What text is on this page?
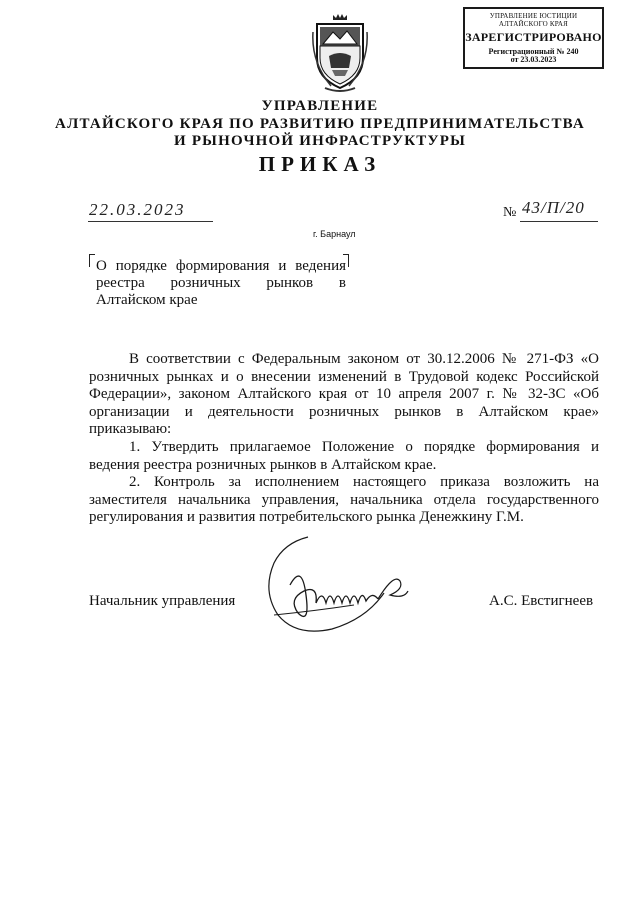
УПРАВЛЕНИЕ ЮСТИЦИИ
АЛТАЙСКОГО КРАЯ
ЗАРЕГИСТРИРОВАНО
Регистрационный № 240
от 23.03.2023
УПРАВЛЕНИЕ
АЛТАЙСКОГО КРАЯ ПО РАЗВИТИЮ ПРЕДПРИНИМАТЕЛЬСТВА
И РЫНОЧНОЙ ИНФРАСТРУКТУРЫ
ПРИКАЗ
22.03.2023	№ 43/П/20
г. Барнаул
О порядке формирования и ведения
реестра розничных рынков в
Алтайском крае
В соответствии с Федеральным законом от 30.12.2006 № 271-ФЗ «О
розничных рынках и о внесении изменений в Трудовой кодекс Российской
Федерации», законом Алтайского края от 10 апреля 2007 г. № 32-ЗС «Об
организации и деятельности розничных рынков в Алтайском крае»
приказываю:
1. Утвердить прилагаемое Положение о порядке формирования и
ведения реестра розничных рынков в Алтайском крае.
2. Контроль за исполнением настоящего приказа возложить на
заместителя начальника управления, начальника отдела государственного
регулирования и развития потребительского рынка Денежкину Г.М.
Начальник управления	А.С. Евстигнеев
